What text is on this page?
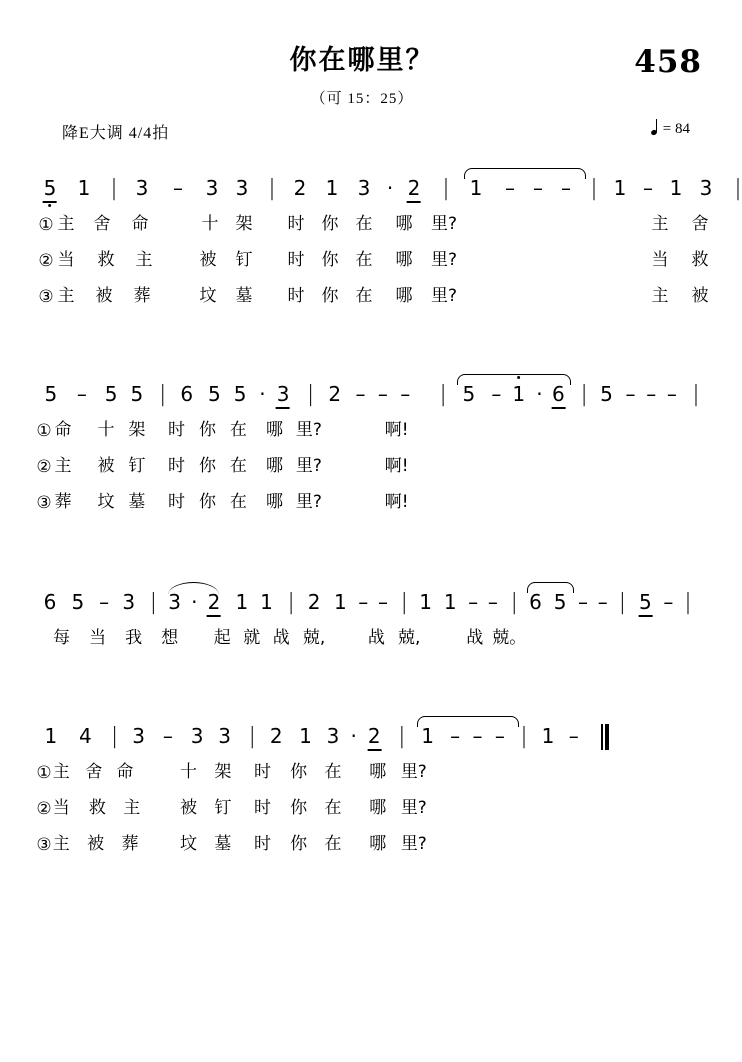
458
你在哪里？
（可 15：25）
降E大调 4/4拍	= 84
5 1 | 3 – 3 3 | 2 1 3 · 2 | 1 – – – | 1 – 1 3 |
① 主 舍 命	十 架 时 你 在 哪 里?	主 舍
② 当 救 主	被 钉 时 你 在 哪 里?	当 救
③ 主 被 葬	坟 墓 时 你 在 哪 里?	主 被
5 – 5 5 | 6 5 5 · 3 | 2 – – – | 5 – 1 · 6 | 5 – – – |
① 命 十 架 时 你 在 哪 里?	啊!
② 主 被 钉 时 你 在 哪 里?	啊!
③ 葬 坟 墓 时 你 在 哪 里?	啊!
6 5 – 3 | 3 · 2 1 1 | 2 1 – – | 1 1 – – | 6 5 – – | 5 – |
每 当 我 想 起 就 战 兢,	战 兢,	战 兢。
1 4 | 3 – 3 3 | 2 1 3 · 2 | 1 – – – | 1 –
① 主 舍 命	十 架 时 你 在 哪 里?
② 当 救 主 被 钉 时 你 在 哪 里?
③ 主 被 葬 坟 墓 时 你 在 哪 里?
